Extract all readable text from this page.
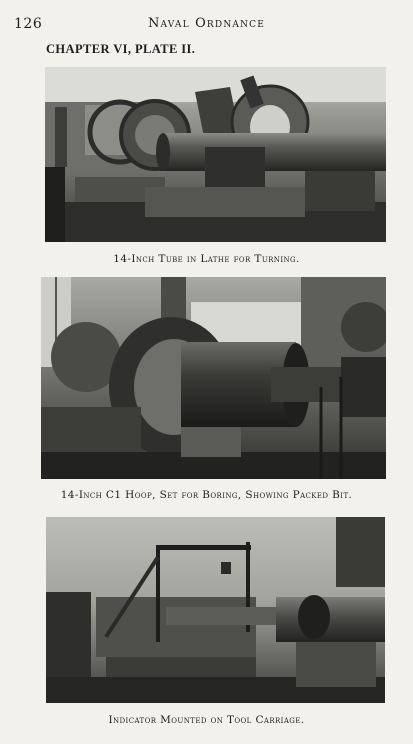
126	Naval Ordnance
CHAPTER VI, PLATE II.
14-Inch Tube in Lathe for Turning.
14-Inch C1 Hoop, Set for Boring, Showing Packed Bit.
Indicator Mounted on Tool Carriage.
